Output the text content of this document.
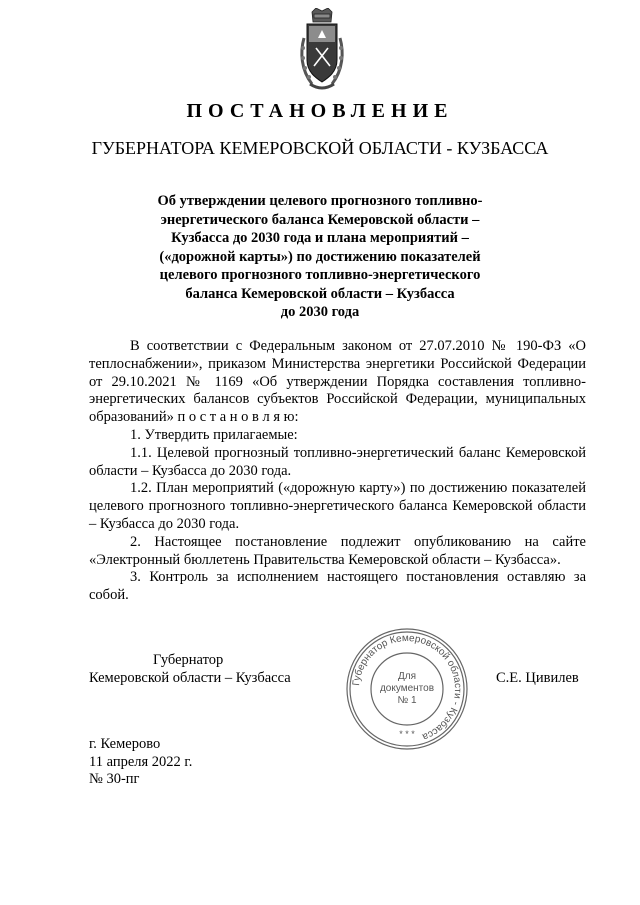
ПОСТАНОВЛЕНИЕ
ГУБЕРНАТОРА КЕМЕРОВСКОЙ ОБЛАСТИ - КУЗБАССА
Об утверждении целевого прогнозного топливно-
энергетического баланса Кемеровской области –
Кузбасса до 2030 года и плана мероприятий –
(«дорожной карты») по достижению показателей
целевого прогнозного топливно-энергетического
баланса Кемеровской области – Кузбасса
до 2030 года

В соответствии с Федеральным законом от 27.07.2010 № 190-ФЗ «О теплоснабжении», приказом Министерства энергетики Российской Федерации от 29.10.2021 № 1169 «Об утверждении Порядка составления топливно-энергетических балансов субъектов Российской Федерации, муниципальных образований» п о с т а н о в л я ю:

1. Утвердить прилагаемые:

1.1. Целевой прогнозный топливно-энергетический баланс Кемеровской области – Кузбасса до 2030 года.

1.2. План мероприятий («дорожную карту») по достижению показателей целевого прогнозного топливно-энергетического баланса Кемеровской области – Кузбасса до 2030 года.

2. Настоящее постановление подлежит опубликованию на сайте «Электронный бюллетень Правительства Кемеровской области – Кузбасса».

3. Контроль за исполнением настоящего постановления оставляю за собой.

Губернатор
Кемеровской области – Кузбасса	С.Е. Цивилев
Губернатор Кемеровской области - Кузбасса
Для
документов
№ 1
* * *
г. Кемерово
11 апреля 2022 г.
№ 30-пг
